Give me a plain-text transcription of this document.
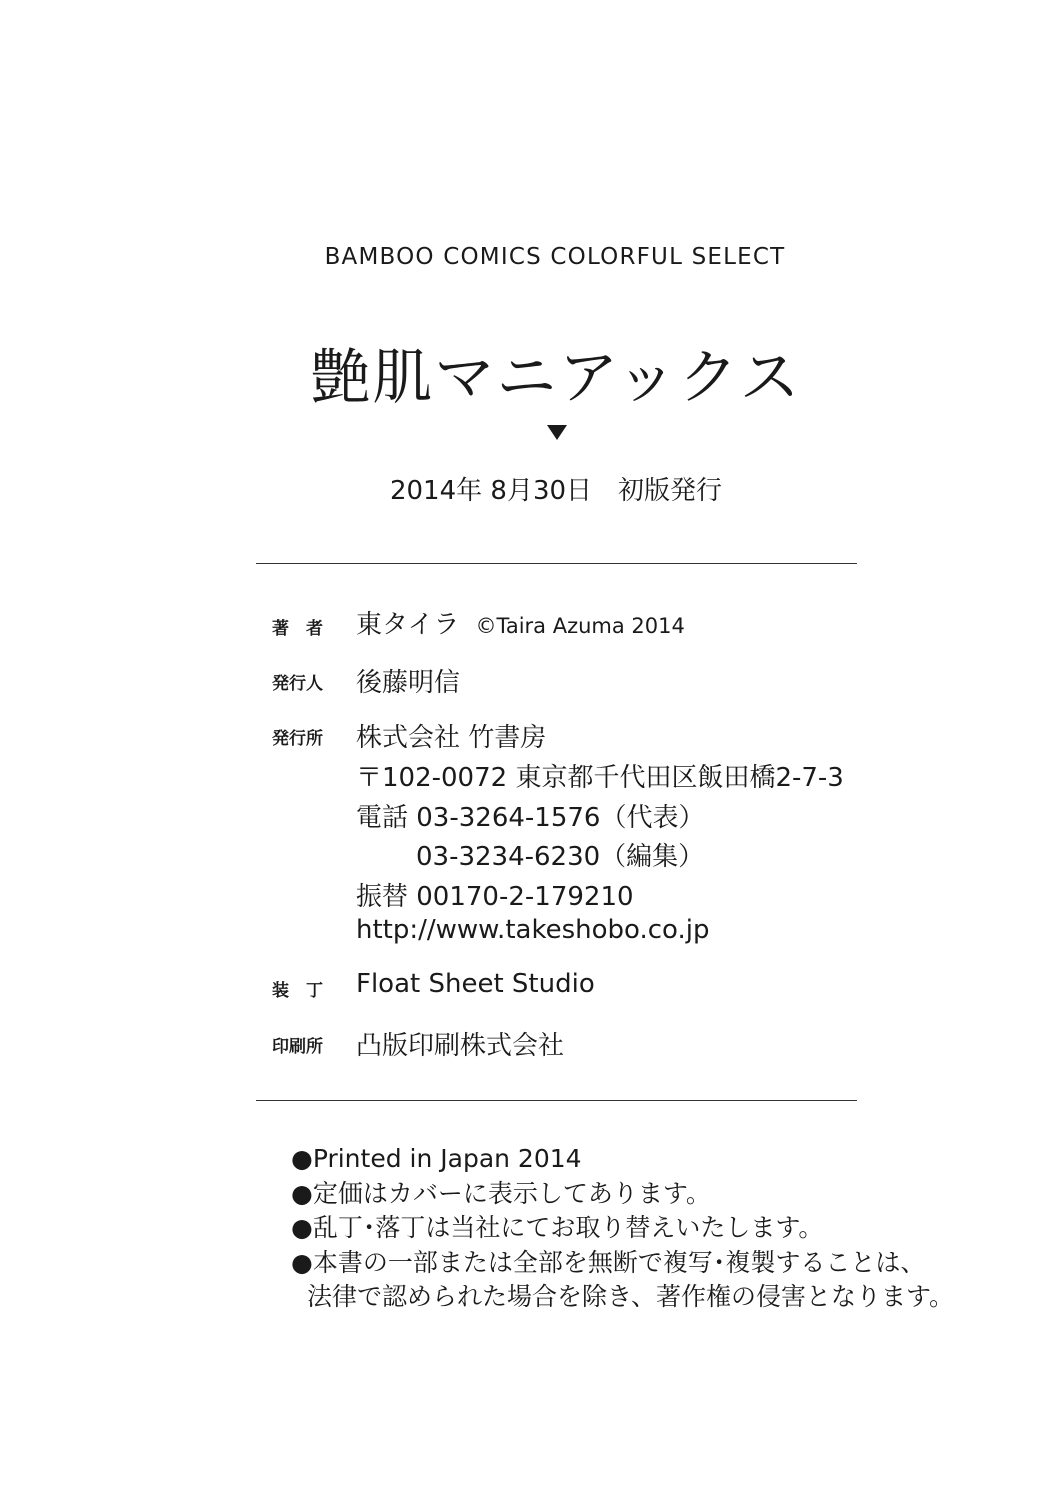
BAMBOO COMICS COLORFUL SELECT
艶肌マニアックス
2014年 8月30日　初版発行
著　者 東タイラ ©Taira Azuma 2014
発行人 後藤明信
発行所 株式会社 竹書房
〒102-0072 東京都千代田区飯田橋2-7-3
電話 03-3264-1576（代表）
03-3234-6230（編集）
振替 00170-2-179210
http://www.takeshobo.co.jp
装　丁 Float Sheet Studio
印刷所 凸版印刷株式会社
●Printed in Japan 2014
●定価はカバーに表示してあります。
●乱丁･落丁は当社にてお取り替えいたします。
●本書の一部または全部を無断で複写･複製することは、
法律で認められた場合を除き、著作権の侵害となります。
